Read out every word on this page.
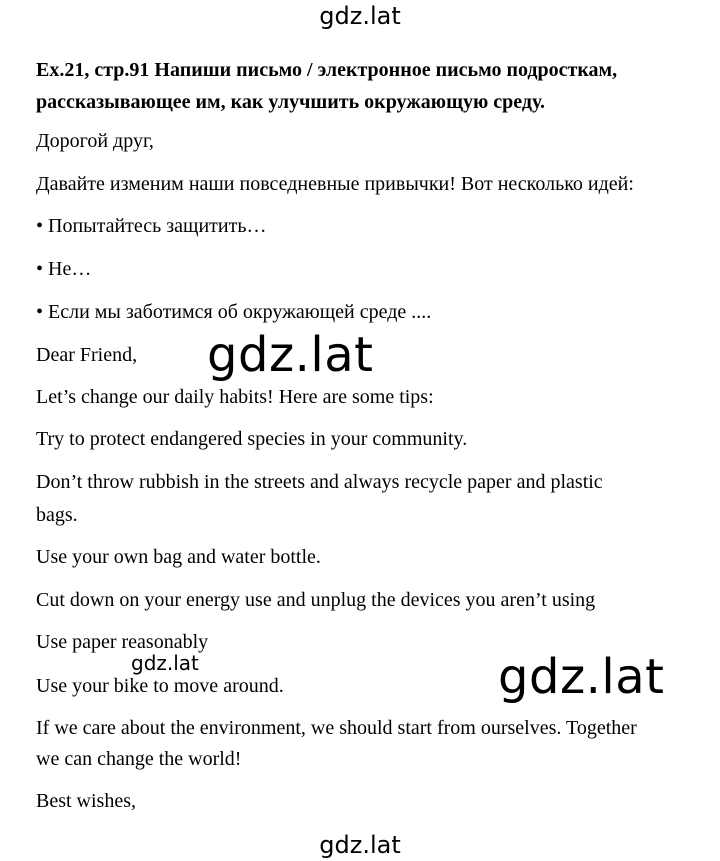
gdz.lat
Ex.21, стр.91 Напиши письмо / электронное письмо подросткам,
рассказывающее им, как улучшить окружающую среду.
Дорогой друг,
Давайте изменим наши повседневные привычки! Вот несколько идей:
• Попытайтесь защитить…
• Не…
• Если мы заботимся об окружающей среде ....
Dear Friend,
Let’s change our daily habits! Here are some tips:
Try to protect endangered species in your community.
Don’t throw rubbish in the streets and always recycle paper and plastic
bags.
Use your own bag and water bottle.
Cut down on your energy use and unplug the devices you aren’t using
Use paper reasonably
Use your bike to move around.
If we care about the environment, we should start from ourselves. Together
we can change the world!
Best wishes,
gdz.lat
gdz.lat	gdz.lat
gdz.lat
